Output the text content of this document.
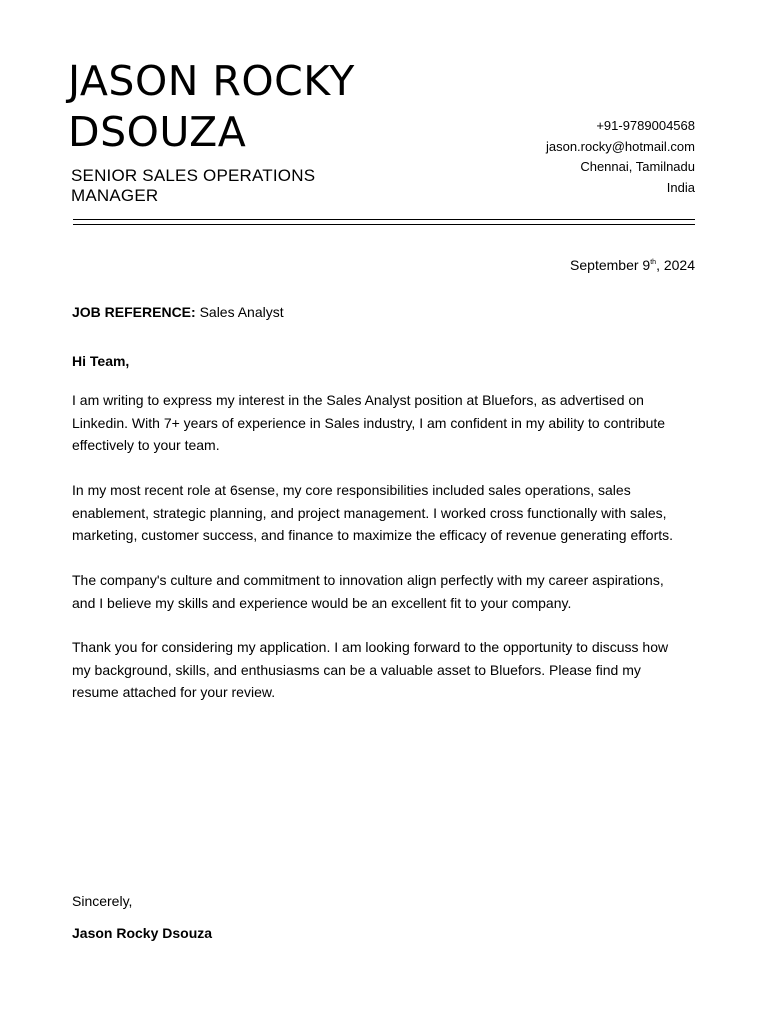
JASON ROCKY
DSOUZA
SENIOR SALES OPERATIONS
MANAGER
+91-9789004568
jason.rocky@hotmail.com
Chennai, Tamilnadu
India
September 9th, 2024
JOB REFERENCE: Sales Analyst
Hi Team,
I am writing to express my interest in the Sales Analyst position at Bluefors, as advertised on
Linkedin. With 7+ years of experience in Sales industry, I am confident in my ability to contribute
effectively to your team.
In my most recent role at 6sense, my core responsibilities included sales operations, sales
enablement, strategic planning, and project management. I worked cross functionally with sales,
marketing, customer success, and finance to maximize the efficacy of revenue generating efforts.
The company's culture and commitment to innovation align perfectly with my career aspirations,
and I believe my skills and experience would be an excellent fit to your company.
Thank you for considering my application. I am looking forward to the opportunity to discuss how
my background, skills, and enthusiasms can be a valuable asset to Bluefors. Please find my
resume attached for your review.
Sincerely,
Jason Rocky Dsouza
